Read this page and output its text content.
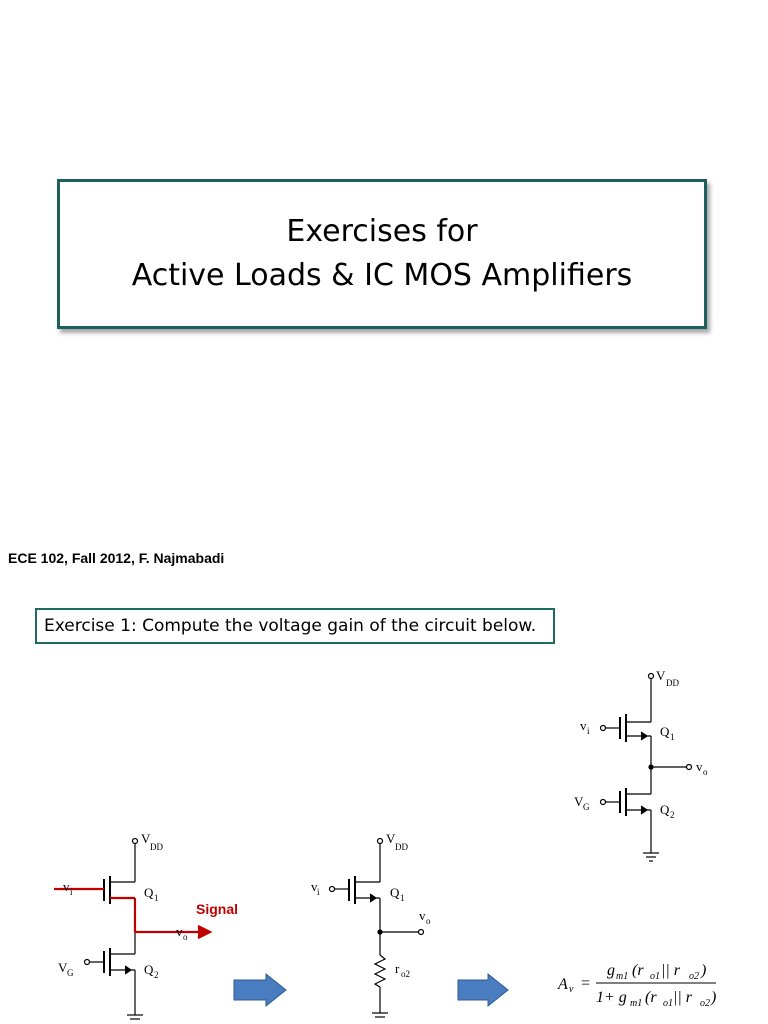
Exercises for
Active Loads & IC MOS Amplifiers
ECE 102, Fall 2012, F. Najmabadi
Exercise 1: Compute the voltage gain of the circuit below.
V DD
v i	Q 1
v o
V G	Q 2
V
DD
v i	Q 1
Signal
v o
V G	Q 2
V
DD
v i	Q 1
v o
r o2
A v =
g m1 (r o1 || r o2 )
1+ g m1 (r o1 || r o2 )
